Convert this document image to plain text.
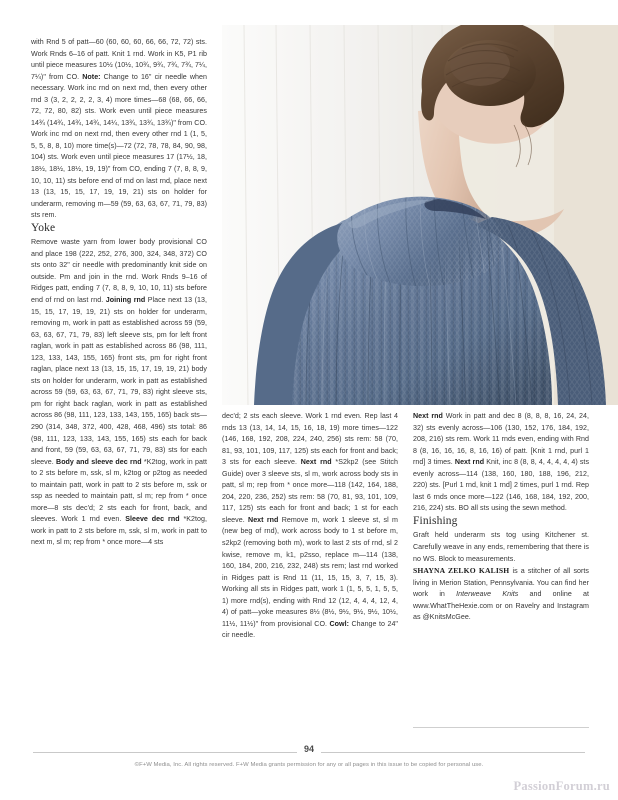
with Rnd 5 of patt—60 (60, 60, 60, 66, 66, 72, 72) sts. Work Rnds 6–16 of patt. Knit 1 rnd. Work in K5, P1 rib until piece measures 10½ (10½, 10¾, 9¾, 7¾, 7¾, 7¼, 7¼)" from CO. Note: Change to 16" cir needle when necessary. Work inc rnd on next rnd, then every other rnd 3 (3, 2, 2, 2, 2, 3, 4) more times—68 (68, 66, 66, 72, 72, 80, 82) sts. Work even until piece measures 14¾ (14¾, 14¾, 14¾, 14¼, 13¾, 13¾, 13¾)" from CO. Work inc rnd on next rnd, then every other rnd 1 (1, 5, 5, 5, 8, 8, 10) more time(s)—72 (72, 78, 78, 84, 90, 98, 104) sts. Work even until piece measures 17 (17½, 18, 18½, 18½, 18½, 19, 19)" from CO, ending 7 (7, 8, 8, 9, 10, 10, 11) sts before end of rnd on last rnd, place next 13 (13, 15, 15, 17, 19, 19, 21) sts on holder for underarm, removing m—59 (59, 63, 63, 67, 71, 79, 83) sts rem.

Yoke

Remove waste yarn from lower body provisional CO and place 198 (222, 252, 276, 300, 324, 348, 372) CO sts onto 32" cir needle with predominantly knit side on outside. Pm and join in the rnd. Work Rnds 9–16 of Ridges patt, ending 7 (7, 8, 8, 9, 10, 10, 11) sts before end of rnd on last rnd. Joining rnd Place next 13 (13, 15, 15, 17, 19, 19, 21) sts on holder for underarm, removing m, work in patt as established across 59 (59, 63, 63, 67, 71, 79, 83) left sleeve sts, pm for left front raglan, work in patt as established across 86 (98, 111, 123, 133, 143, 155, 165) front sts, pm for right front raglan, place next 13 (13, 15, 15, 17, 19, 19, 21) body sts on holder for underarm, work in patt as established across 59 (59, 63, 63, 67, 71, 79, 83) right sleeve sts, pm for right back raglan, work in patt as established across 86 (98, 111, 123, 133, 143, 155, 165) back sts—290 (314, 348, 372, 400, 428, 468, 496) sts total: 86 (98, 111, 123, 133, 143, 155, 165) sts each for back and front, 59 (59, 63, 63, 67, 71, 79, 83) sts for each sleeve. Body and sleeve dec rnd *K2tog, work in patt to 2 sts before m, ssk, sl m, k2tog or p2tog as needed to maintain patt, work in patt to 2 sts before m, ssk or ssp as needed to maintain patt, sl m; rep from * once more—8 sts dec'd; 2 sts each for front, back, and sleeves. Work 1 rnd even. Sleeve dec rnd *K2tog, work in patt to 2 sts before m, ssk, sl m, work in patt to next m, sl m; rep from * once more—4 sts

dec'd; 2 sts each sleeve. Work 1 rnd even. Rep last 4 rnds 13 (13, 14, 14, 15, 16, 18, 19) more times—122 (146, 168, 192, 208, 224, 240, 256) sts rem: 58 (70, 81, 93, 101, 109, 117, 125) sts each for front and back; 3 sts for each sleeve. Next rnd *S2kp2 (see Stitch Guide) over 3 sleeve sts, sl m, work across body sts in patt, sl m; rep from * once more—118 (142, 164, 188, 204, 220, 236, 252) sts rem: 58 (70, 81, 93, 101, 109, 117, 125) sts each for front and back; 1 st for each sleeve. Next rnd Remove m, work 1 sleeve st, sl m (new beg of rnd), work across body to 1 st before m, s2kp2 (removing both m), work to last 2 sts of rnd, sl 2 kwise, remove m, k1, p2sso, replace m—114 (138, 160, 184, 200, 216, 232, 248) sts rem; last rnd worked in Ridges patt is Rnd 11 (11, 15, 15, 3, 7, 15, 3). Working all sts in Ridges patt, work 1 (1, 5, 5, 1, 5, 5, 1) more rnd(s), ending with Rnd 12 (12, 4, 4, 4, 12, 4, 4) of patt—yoke measures 8½ (8½, 9½, 9½, 9½, 10½, 11½, 11½)" from provisional CO. Cowl: Change to 24" cir needle.

Next rnd Work in patt and dec 8 (8, 8, 8, 16, 24, 24, 32) sts evenly across—106 (130, 152, 176, 184, 192, 208, 216) sts rem. Work 11 rnds even, ending with Rnd 8 (8, 16, 16, 16, 8, 16, 16) of patt. [Knit 1 rnd, purl 1 rnd] 3 times. Next rnd Knit, inc 8 (8, 8, 4, 4, 4, 4, 4) sts evenly across—114 (138, 160, 180, 188, 196, 212, 220) sts. [Purl 1 rnd, knit 1 rnd] 2 times, purl 1 rnd. Rep last 6 rnds once more—122 (146, 168, 184, 192, 200, 216, 224) sts. BO all sts using the sewn method.

Finishing

Graft held underarm sts tog using Kitchener st. Carefully weave in any ends, remembering that there is no WS. Block to measurements.

SHAYNA ZELKO KALISH is a stitcher of all sorts living in Merion Station, Pennsylvania. You can find her work in Interweave Knits and online at www.WhatTheHexie.com or on Ravelry and Instagram as @KnitsMcGee.

94
©F+W Media, Inc. All rights reserved. F+W Media grants permission for any or all pages in this issue to be copied for personal use.
PassionForum.ru
